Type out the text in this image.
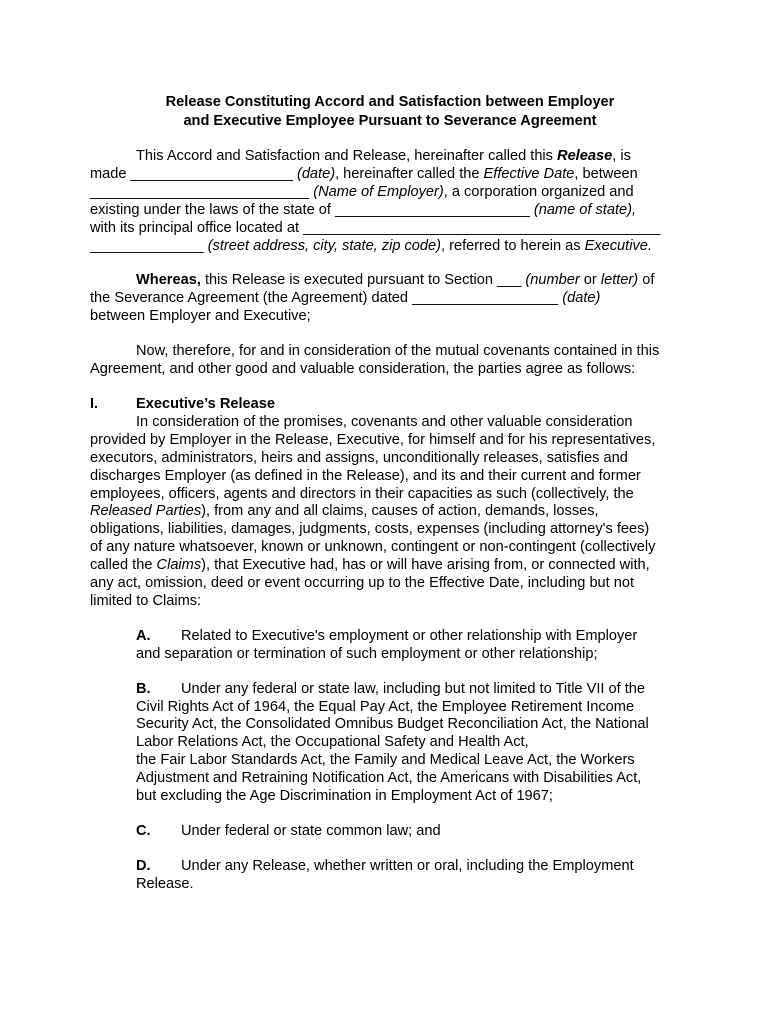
Release Constituting Accord and Satisfaction between Employer
and Executive Employee Pursuant to Severance Agreement

This Accord and Satisfaction and Release, hereinafter called this Release, is
made ____________________ (date), hereinafter called the Effective Date, between
___________________________ (Name of Employer), a corporation organized and
existing under the laws of the state of ________________________ (name of state),
with its principal office located at ____________________________________________
______________ (street address, city, state, zip code), referred to herein as Executive.
Whereas, this Release is executed pursuant to Section ___ (number or letter) of
the Severance Agreement (the Agreement) dated __________________ (date)
between Employer and Executive;
Now, therefore, for and in consideration of the mutual covenants contained in this
Agreement, and other good and valuable consideration, the parties agree as follows:
I.	Executive’s Release
In consideration of the promises, covenants and other valuable consideration
provided by Employer in the Release, Executive, for himself and for his representatives,
executors, administrators, heirs and assigns, unconditionally releases, satisfies and
discharges Employer (as defined in the Release), and its and their current and former
employees, officers, agents and directors in their capacities as such (collectively, the
Released Parties), from any and all claims, causes of action, demands, losses,
obligations, liabilities, damages, judgments, costs, expenses (including attorney's fees)
of any nature whatsoever, known or unknown, contingent or non-contingent (collectively
called the Claims), that Executive had, has or will have arising from, or connected with,
any act, omission, deed or event occurring up to the Effective Date, including but not
limited to Claims:
A. Related to Executive's employment or other relationship with Employer
and separation or termination of such employment or other relationship;
B. Under any federal or state law, including but not limited to Title VII of the
Civil Rights Act of 1964, the Equal Pay Act, the Employee Retirement Income
Security Act, the Consolidated Omnibus Budget Reconciliation Act, the National
Labor Relations Act, the Occupational Safety and Health Act,
the Fair Labor Standards Act, the Family and Medical Leave Act, the Workers
Adjustment and Retraining Notification Act, the Americans with Disabilities Act,
but excluding the Age Discrimination in Employment Act of 1967;
C. Under federal or state common law; and
D. Under any Release, whether written or oral, including the Employment
Release.
